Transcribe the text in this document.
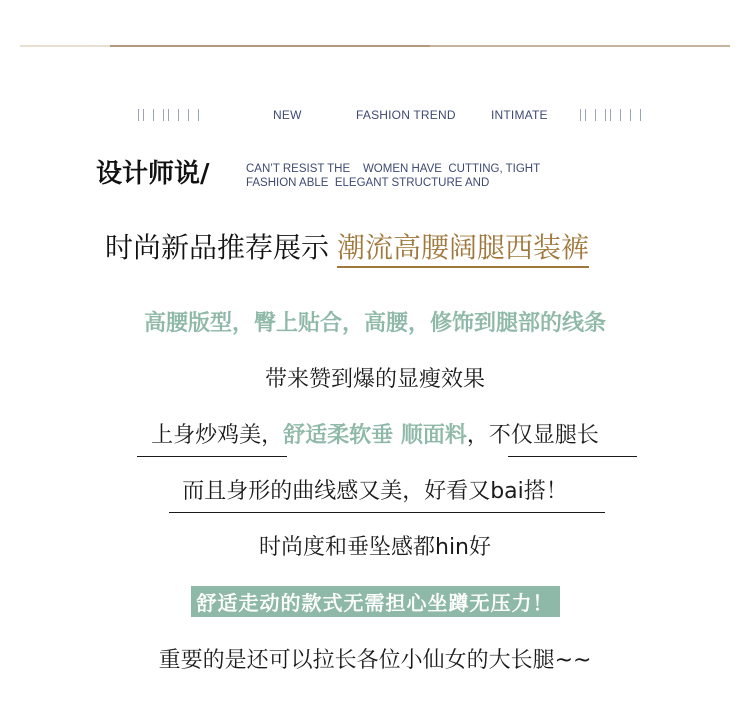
NEW	FASHION TREND	INTIMATE
设计师说/	CAN’T RESIST THE    WOMEN HAVE  CUTTING, TIGHT
FASHION ABLE  ELEGANT STRUCTURE AND
时尚新品推荐展示 潮流高腰阔腿西装裤
高腰版型，臀上贴合，高腰，修饰到腿部的线条
带来赞到爆的显瘦效果
上身炒鸡美，舒适柔软垂 顺面料，不仅显腿长
而且身形的曲线感又美，好看又bai搭！
时尚度和垂坠感都hin好
舒适走动的款式无需担心坐蹲无压力！
重要的是还可以拉长各位小仙女的大长腿~~
